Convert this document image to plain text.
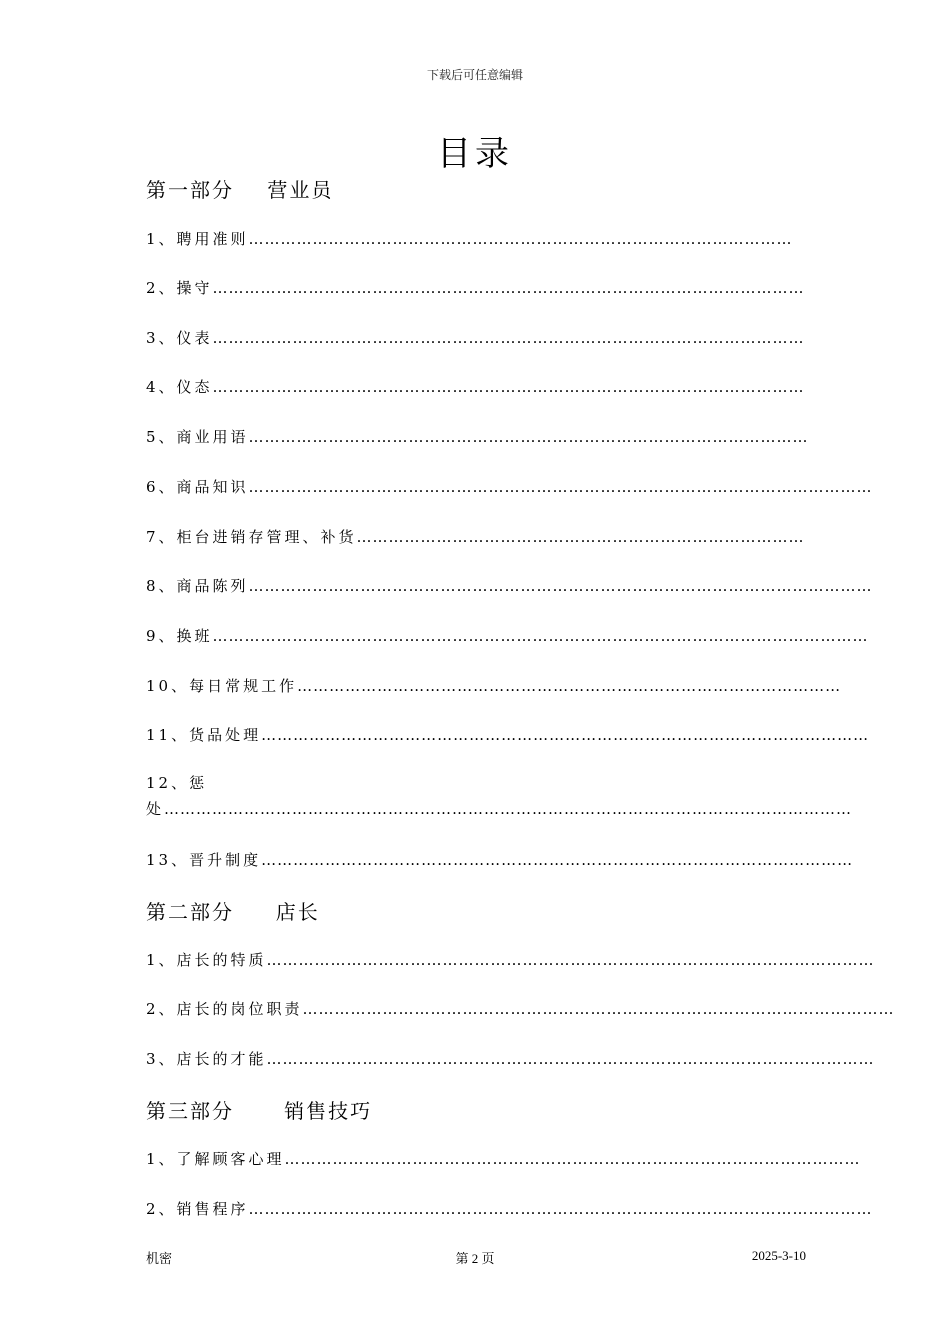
下载后可任意编辑
目录
第一部分    营业员
1、聘用准则…………………………………………………………………………………………
2、操守…………………………………………………………………………………………………
3、仪表…………………………………………………………………………………………………
4、仪态…………………………………………………………………………………………………
5、商业用语……………………………………………………………………………………………
6、商品知识………………………………………………………………………………………………………
7、柜台进销存管理、补货…………………………………………………………………………
8、商品陈列………………………………………………………………………………………………………
9、换班……………………………………………………………………………………………………………
10、每日常规工作…………………………………………………………………………………………
11、货品处理……………………………………………………………………………………………………
12、惩处…………………………………………………………………………………………………………………
13、晋升制度…………………………………………………………………………………………………
第二部分     店长
1、店长的特质……………………………………………………………………………………………………
2、店长的岗位职责…………………………………………………………………………………………………
3、店长的才能……………………………………………………………………………………………………
第三部分      销售技巧
1、了解顾客心理………………………………………………………………………………………………
2、销售程序………………………………………………………………………………………………………
机密	第 2 页	2025-3-10
